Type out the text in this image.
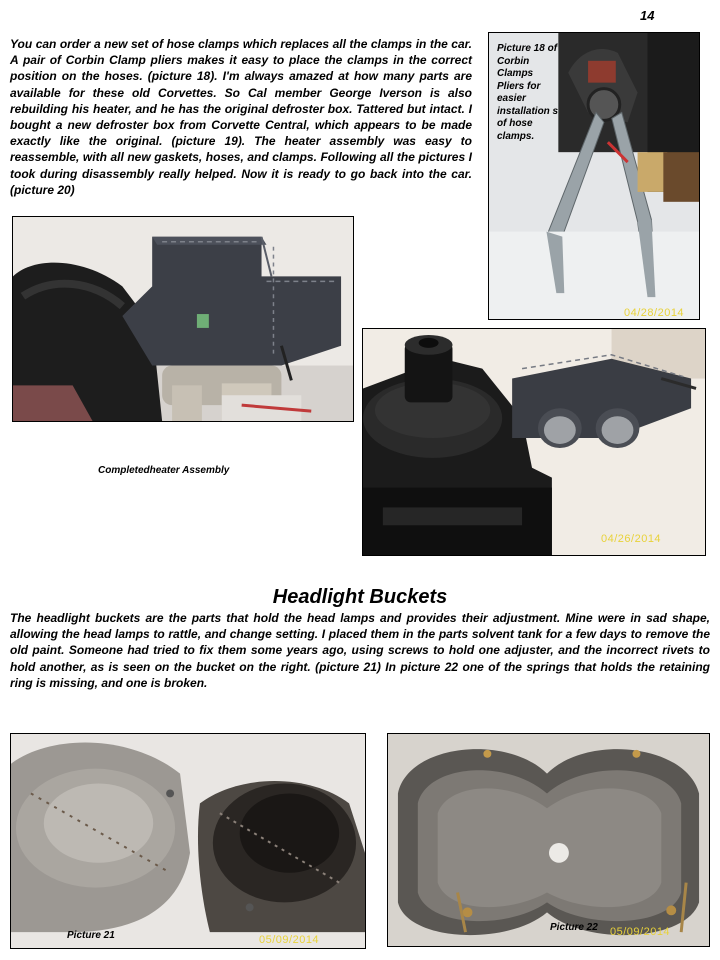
14

You can order a new set of hose clamps which replaces all the clamps in the car. A pair of Corbin Clamp pliers makes it easy to place the clamps in the correct position on the hoses. (picture 18). I'm always amazed at how many parts are available for these old Corvettes. So Cal member George Iverson is also rebuilding his heater, and he has the original defroster box. Tattered but intact. I bought a new defroster box from Corvette Central, which appears to be made exactly like the original. (picture 19). The heater assembly was easy to reassemble, with all new gaskets, hoses, and clamps. Following all the pictures I took during disassembly really helped. Now it is ready to go back into the car. (picture 20)

Picture 18 of Corbin Clamps Pliers for easier installation s of hose clamps.
04/28/2014
Completedheater Assembly
04/26/2014
Headlight Buckets

The headlight buckets are the parts that hold the head lamps and provides their adjustment. Mine were in sad shape, allowing the head lamps to rattle, and change setting. I placed them in the parts solvent tank for a few days to remove the old paint. Someone had tried to fix them some years ago, using screws to hold one adjuster, and the incorrect rivets to hold another, as is seen on the bucket on the right. (picture 21) In picture 22 one of the springs that holds the retaining ring is missing, and one is broken.

Picture 21	05/09/2014
Picture 22 05/09/2014
